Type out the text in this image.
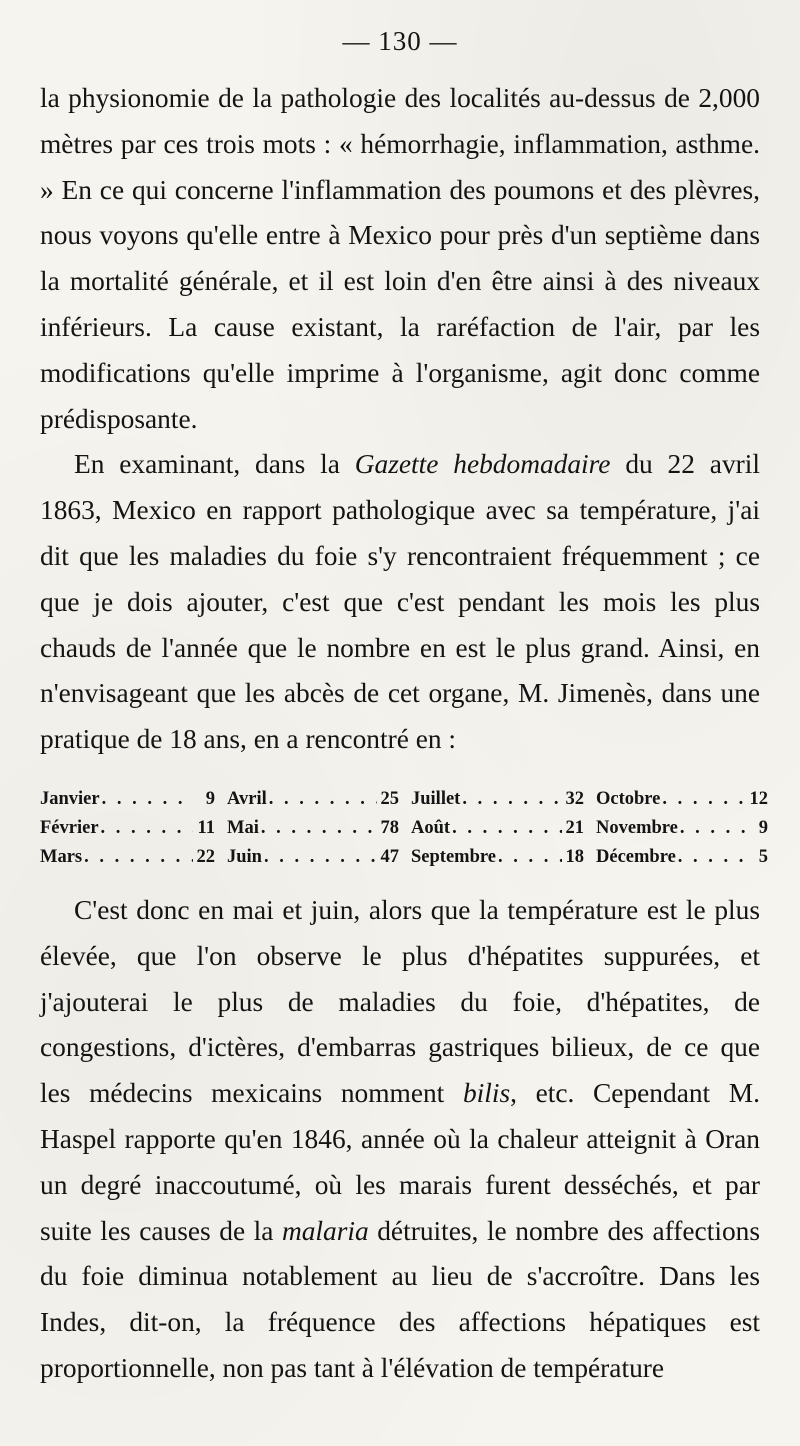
— 130 —

la physionomie de la pathologie des localités au-dessus de 2,000 mètres par ces trois mots : « hémorrhagie, inflammation, asthme. » En ce qui concerne l'inflammation des poumons et des plèvres, nous voyons qu'elle entre à Mexico pour près d'un septième dans la mortalité générale, et il est loin d'en être ainsi à des niveaux inférieurs. La cause existant, la raréfaction de l'air, par les modifications qu'elle imprime à l'organisme, agit donc comme prédisposante.

En examinant, dans la Gazette hebdomadaire du 22 avril 1863, Mexico en rapport pathologique avec sa température, j'ai dit que les maladies du foie s'y rencontraient fréquemment ; ce que je dois ajouter, c'est que c'est pendant les mois les plus chauds de l'année que le nombre en est le plus grand. Ainsi, en n'envisageant que les abcès de cet organe, M. Jimenès, dans une pratique de 18 ans, en a rencontré en :

Janvier . . .	9 Avril . . .	25 Juillet . . .	32 Octobre . . .	12
Février . . .	11 Mai . . .	78 Août . . .	21 Novembre . . .	9
Mars . . .	22 Juin . . .	47 Septembre . . .	18 Décembre . . .	5

C'est donc en mai et juin, alors que la température est le plus élevée, que l'on observe le plus d'hépatites suppurées, et j'ajouterai le plus de maladies du foie, d'hépatites, de congestions, d'ictères, d'embarras gastriques bilieux, de ce que les médecins mexicains nomment bilis, etc. Cependant M. Haspel rapporte qu'en 1846, année où la chaleur atteignit à Oran un degré inaccoutumé, où les marais furent desséchés, et par suite les causes de la malaria détruites, le nombre des affections du foie diminua notablement au lieu de s'accroître. Dans les Indes, dit-on, la fréquence des affections hépatiques est proportionnelle, non pas tant à l'élévation de température
